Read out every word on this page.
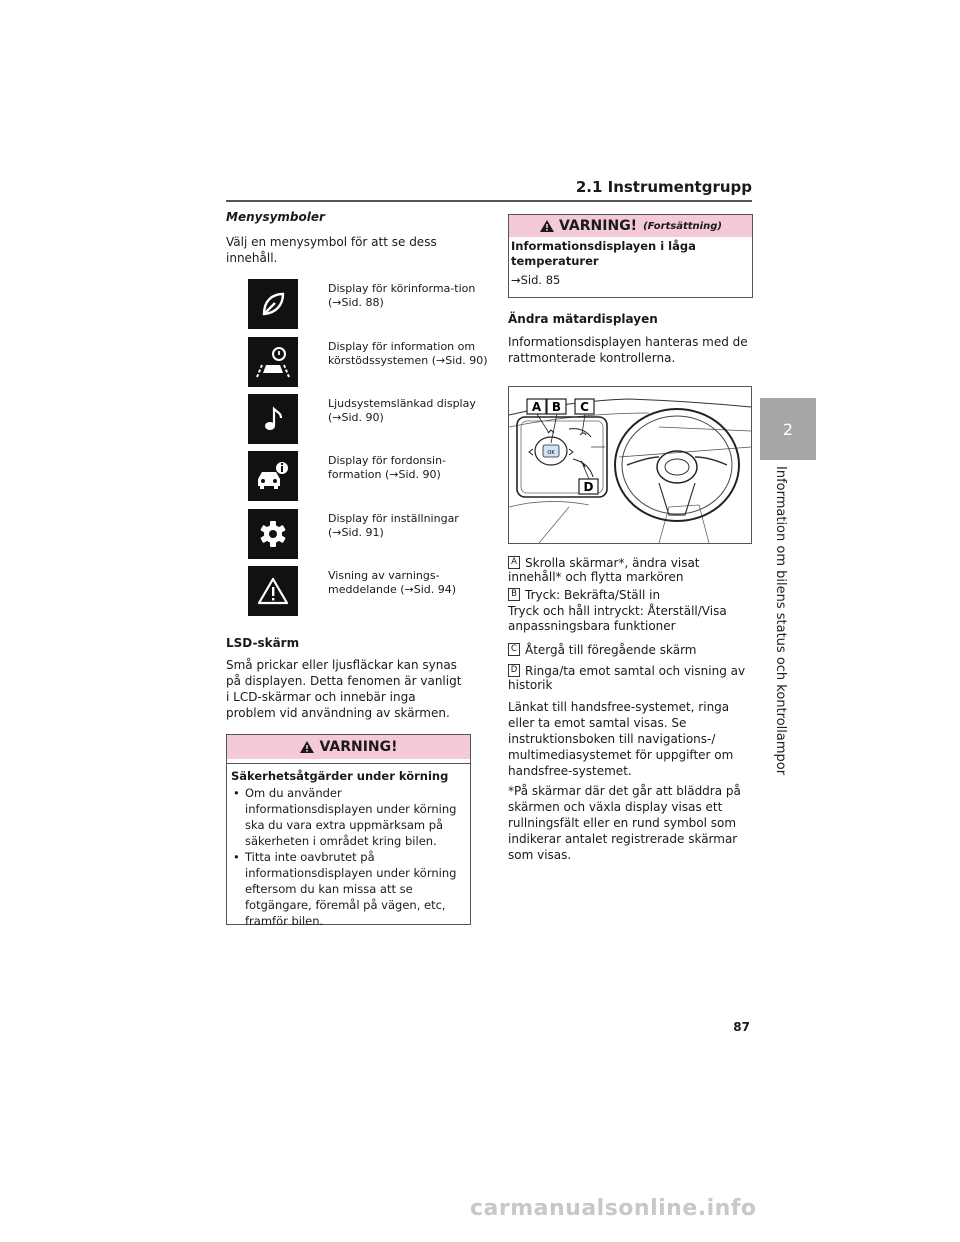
2.1 Instrumentgrupp
2
Information om bilens status och kontrollampor
Menysymboler
Välj en menysymbol för att se dess innehåll.
Display för körinforma-tion (→Sid. 88)
Display för information om körstödssystemen (→Sid. 90)
Ljudsystemslänkad display (→Sid. 90)
Display för fordonsin-formation (→Sid. 90)
Display för inställningar (→Sid. 91)
Visning av varnings-meddelande (→Sid. 94)
LSD-skärm
Små prickar eller ljusfläckar kan synas på displayen. Detta fenomen är vanligt i LCD-skärmar och innebär inga problem vid användning av skärmen.
VARNING!
Säkerhetsåtgärder under körning
• Om du använder informationsdisplayen under körning ska du vara extra uppmärksam på säkerheten i området kring bilen.
• Titta inte oavbrutet på informationsdisplayen under körning eftersom du kan missa att se fotgängare, föremål på vägen, etc, framför bilen.
VARNING! (Fortsättning)
Informationsdisplayen i låga temperaturer
→Sid. 85
Ändra mätardisplayen
Informationsdisplayen hanteras med de rattmonterade kontrollerna.
OK
A B C
D
A Skrolla skärmar*, ändra visat innehåll* och flytta markören
B Tryck: Bekräfta/Ställ in
Tryck och håll intryckt: Återställ/Visa anpassningsbara funktioner
C Återgå till föregående skärm
D Ringa/ta emot samtal och visning av historik
Länkat till handsfree-systemet, ringa eller ta emot samtal visas. Se instruktionsboken till navigations-/ multimediasystemet för uppgifter om handsfree-systemet.
*På skärmar där det går att bläddra på skärmen och växla display visas ett rullningsfält eller en rund symbol som indikerar antalet registrerade skärmar som visas.
87
carmanualsonline.info
